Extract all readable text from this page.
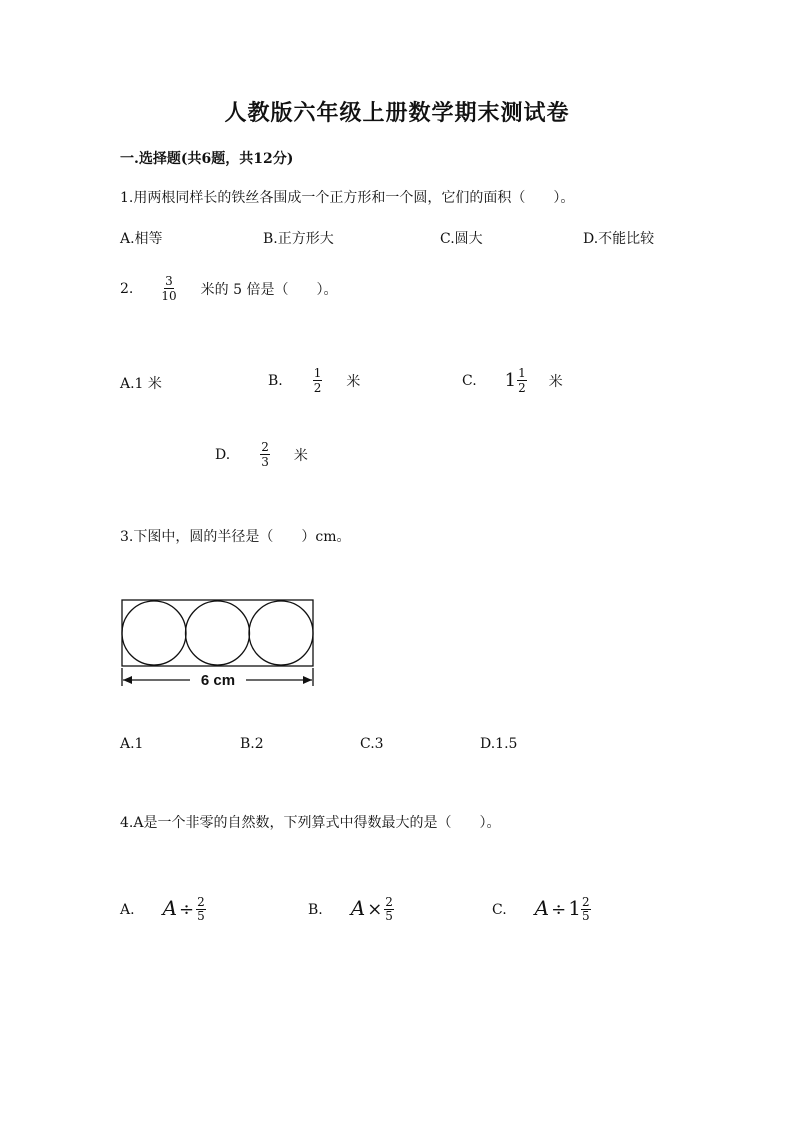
人教版六年级上册数学期末测试卷
一.选择题(共6题，共12分)
1.用两根同样长的铁丝各围成一个正方形和一个圆，它们的面积（　　）。
A.相等	B.正方形大	C.圆大	D.不能比较
2. $\frac{3}{10}$ 米的 5 倍是（　　）。
A.1 米	B.	$\frac{1}{2}$ 米	C. $1 \frac{1}{2}$ 米
D.	$\frac{2}{3}$ 米
3.下图中，圆的半径是（　　）cm。
6 cm
A.1	B.2	C.3	D.1.5
4.A是一个非零的自然数，下列算式中得数最大的是（　　）。
A. $A \div \frac{2}{5}$	B. $A \times \frac{2}{5}$	C. $A \div 1 \frac{2}{5}$
